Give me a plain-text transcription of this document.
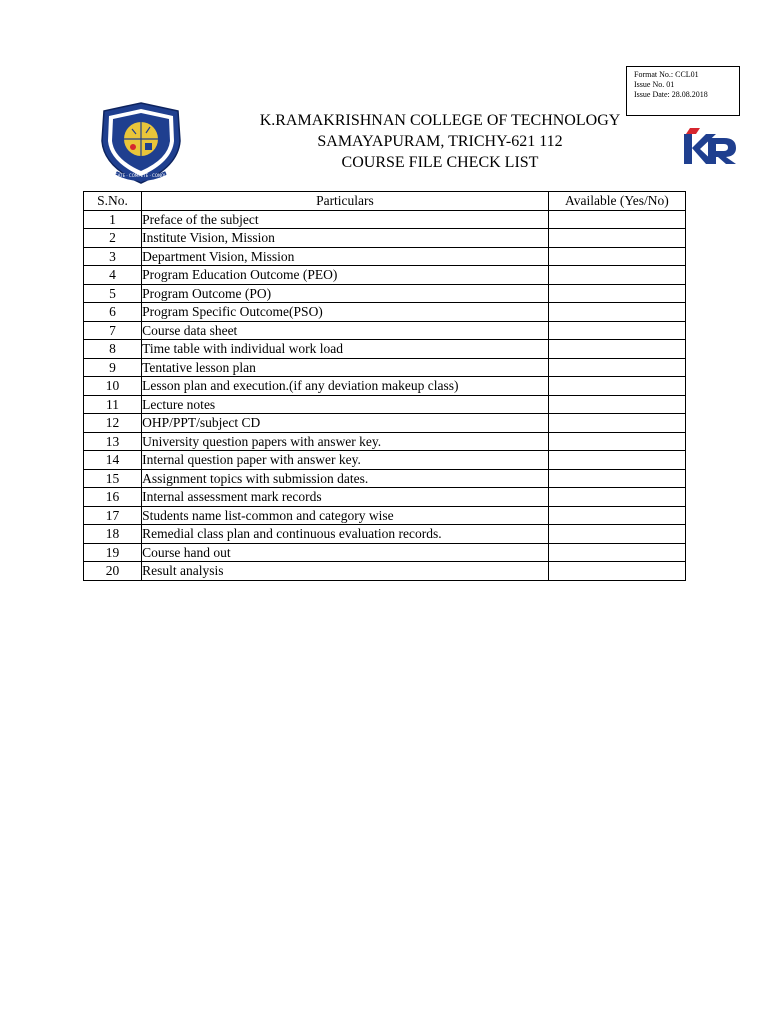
Format No.: CCL01
Issue No. 01
Issue Date: 28.08.2018
CREATE · COMPETE · CONQUER
K.RAMAKRISHNAN COLLEGE OF TECHNOLOGY
SAMAYAPURAM, TRICHY-621 112
COURSE FILE CHECK LIST
S.No.	Particulars	Available (Yes/No)
1	Preface of the subject	
2	Institute Vision, Mission	
3	Department Vision, Mission	
4	Program Education Outcome (PEO)	
5	Program Outcome (PO)	
6	Program Specific Outcome(PSO)	
7	Course data sheet	
8	Time table with individual work load	
9	Tentative lesson plan	
10	Lesson plan and execution.(if any deviation makeup class)	
11	Lecture notes	
12	OHP/PPT/subject CD	
13	University question papers with answer key.	
14	Internal question paper with answer key.	
15	Assignment topics with submission dates.	
16	Internal assessment mark records	
17	Students name list-common and category wise	
18	Remedial class plan and continuous evaluation records.	
19	Course hand out	
20	Result analysis	
